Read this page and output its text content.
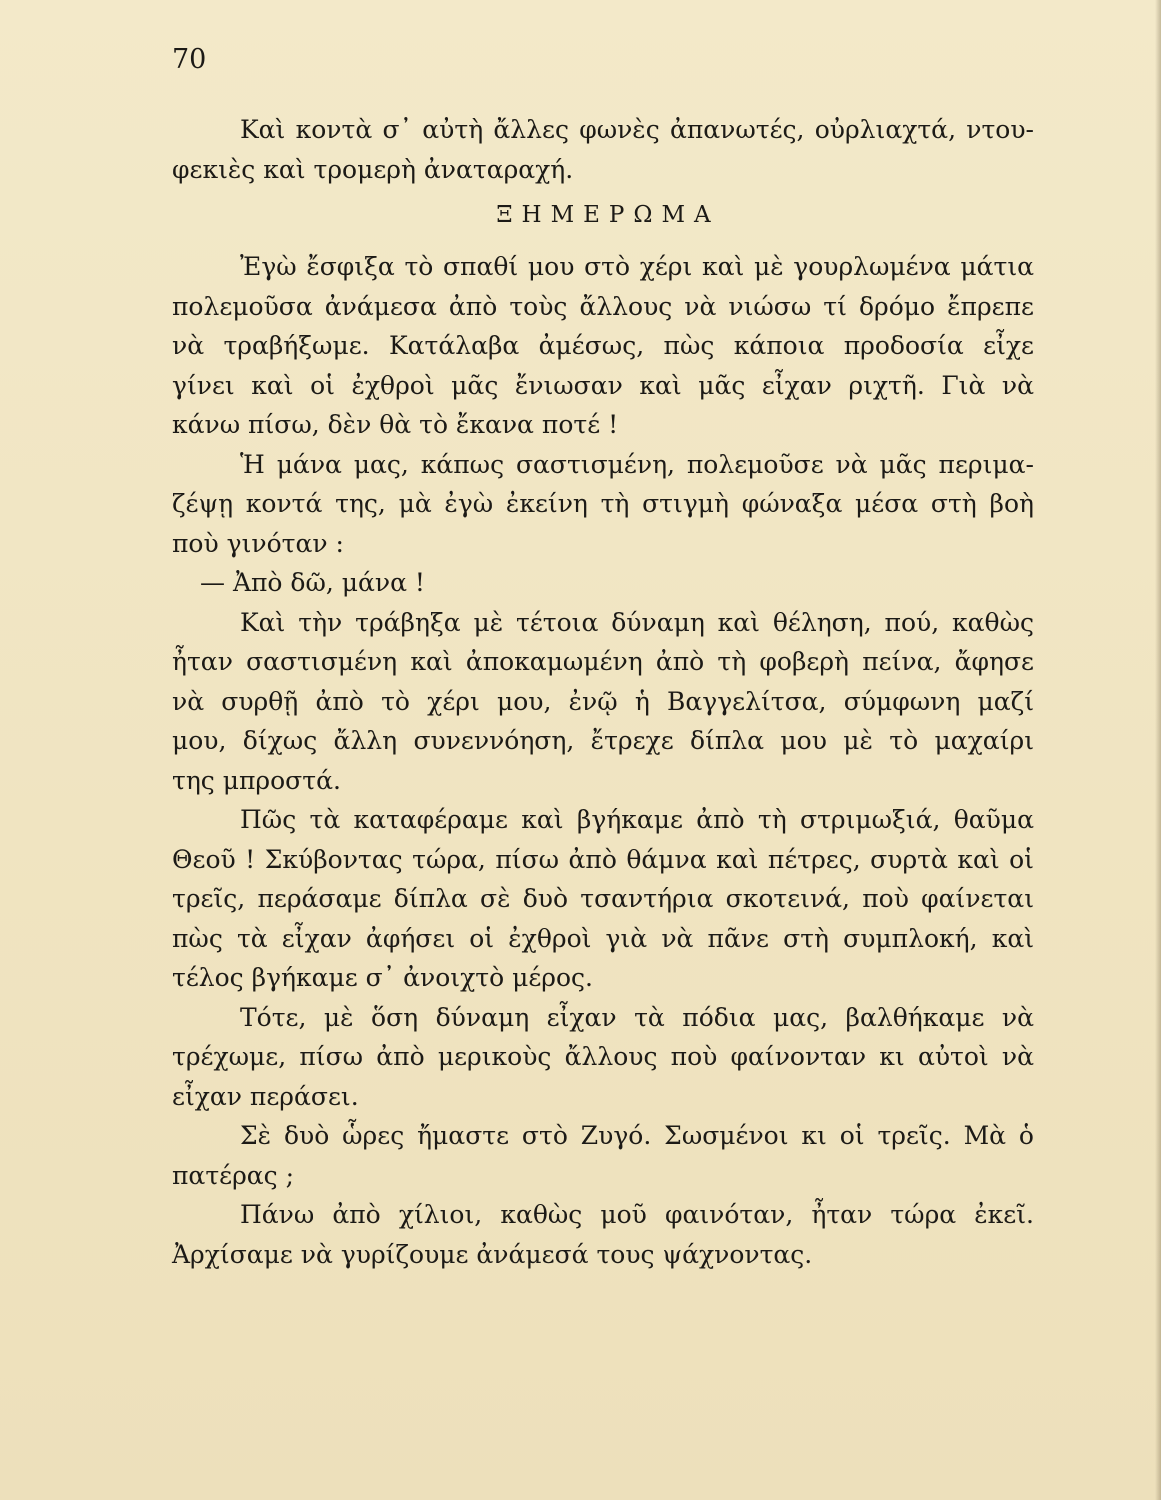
70
Καὶ κοντὰ σ᾽ αὐτὴ ἄλλες φωνὲς ἀπανωτές, οὐρλιαχτά, ντου-
φεκιὲς καὶ τρομερὴ ἀναταραχή.
ΞΗΜΕΡΩΜΑ
Ἐγὼ ἔσφιξα τὸ σπαθί μου στὸ χέρι καὶ μὲ γουρλωμένα μάτια
πολεμοῦσα ἀνάμεσα ἀπὸ τοὺς ἄλλους νὰ νιώσω τί δρόμο ἔπρεπε
νὰ τραβήξωμε. Κατάλαβα ἀμέσως, πὼς κάποια προδοσία εἶχε
γίνει καὶ οἱ ἐχθροὶ μᾶς ἔνιωσαν καὶ μᾶς εἶχαν ριχτῆ. Γιὰ νὰ
κάνω πίσω, δὲν θὰ τὸ ἔκανα ποτέ !
Ἡ μάνα μας, κάπως σαστισμένη, πολεμοῦσε νὰ μᾶς περιμα-
ζέψῃ κοντά της, μὰ ἐγὼ ἐκείνη τὴ στιγμὴ φώναξα μέσα στὴ βοὴ
ποὺ γινόταν :
— Ἀπὸ δῶ, μάνα !
Καὶ τὴν τράβηξα μὲ τέτοια δύναμη καὶ θέληση, πού, καθὼς
ἦταν σαστισμένη καὶ ἀποκαμωμένη ἀπὸ τὴ φοβερὴ πείνα, ἄφησε
νὰ συρθῇ ἀπὸ τὸ χέρι μου, ἐνῷ ἡ Βαγγελίτσα, σύμφωνη μαζί
μου, δίχως ἄλλη συνεννόηση, ἔτρεχε δίπλα μου μὲ τὸ μαχαίρι
της μπροστά.
Πῶς τὰ καταφέραμε καὶ βγήκαμε ἀπὸ τὴ στριμωξιά, θαῦμα
Θεοῦ ! Σκύβοντας τώρα, πίσω ἀπὸ θάμνα καὶ πέτρες, συρτὰ καὶ οἱ
τρεῖς, περάσαμε δίπλα σὲ δυὸ τσαντήρια σκοτεινά, ποὺ φαίνεται
πὼς τὰ εἶχαν ἀφήσει οἱ ἐχθροὶ γιὰ νὰ πᾶνε στὴ συμπλοκή, καὶ
τέλος βγήκαμε σ᾽ ἀνοιχτὸ μέρος.
Τότε, μὲ ὅση δύναμη εἶχαν τὰ πόδια μας, βαλθήκαμε νὰ
τρέχωμε, πίσω ἀπὸ μερικοὺς ἄλλους ποὺ φαίνονταν κι αὐτοὶ νὰ
εἶχαν περάσει.
Σὲ δυὸ ὧρες ἤμαστε στὸ Ζυγό. Σωσμένοι κι οἱ τρεῖς. Μὰ ὁ
πατέρας ;
Πάνω ἀπὸ χίλιοι, καθὼς μοῦ φαινόταν, ἦταν τώρα ἐκεῖ.
Ἀρχίσαμε νὰ γυρίζουμε ἀνάμεσά τους ψάχνοντας.
